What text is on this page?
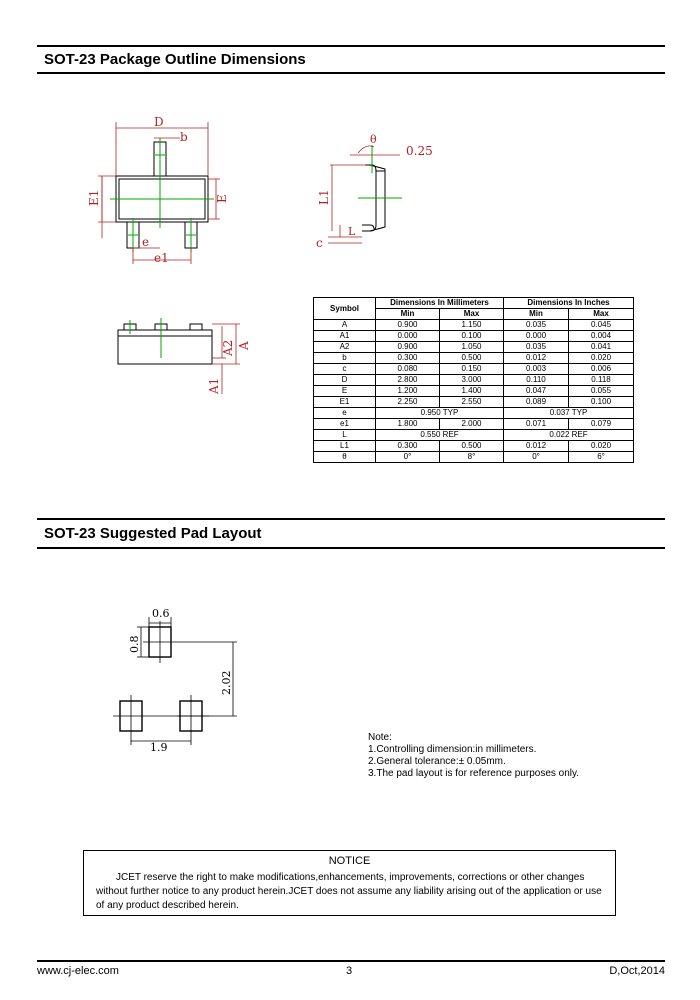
SOT-23 Package Outline Dimensions
D
b
E1	E
e
e1
θ
0.25
L1
L
c
A2 A
A1
Symbol	Dimensions In Millimeters		Dimensions In Inches	
	Min	Max	Min	Max
A	0.900	1.150	0.035	0.045
A1	0.000	0.100	0.000	0.004
A2	0.900	1.050	0.035	0.041
b	0.300	0.500	0.012	0.020
c	0.080	0.150	0.003	0.006
D	2.800	3.000	0.110	0.118
E	1.200	1.400	0.047	0.055
E1	2.250	2.550	0.089	0.100
e	0.950 TYP		0.037 TYP	
e1	1.800	2.000	0.071	0.079
L	0.550 REF		0.022 REF	
L1	0.300	0.500	0.012	0.020
θ	0°	8°	0°	6°
SOT-23 Suggested Pad Layout
0.6
0.8
2.02
1.9
Note:
1.Controlling dimension:in millimeters.
2.General tolerance:± 0.05mm.
3.The pad layout is for reference purposes only.
NOTICE
JCET reserve the right to make modifications,enhancements, improvements, corrections or other changes without further notice to any product herein.JCET does not assume any liability arising out of the application or use of any product described herein.
www.cj-elec.com	3	D,Oct,2014
